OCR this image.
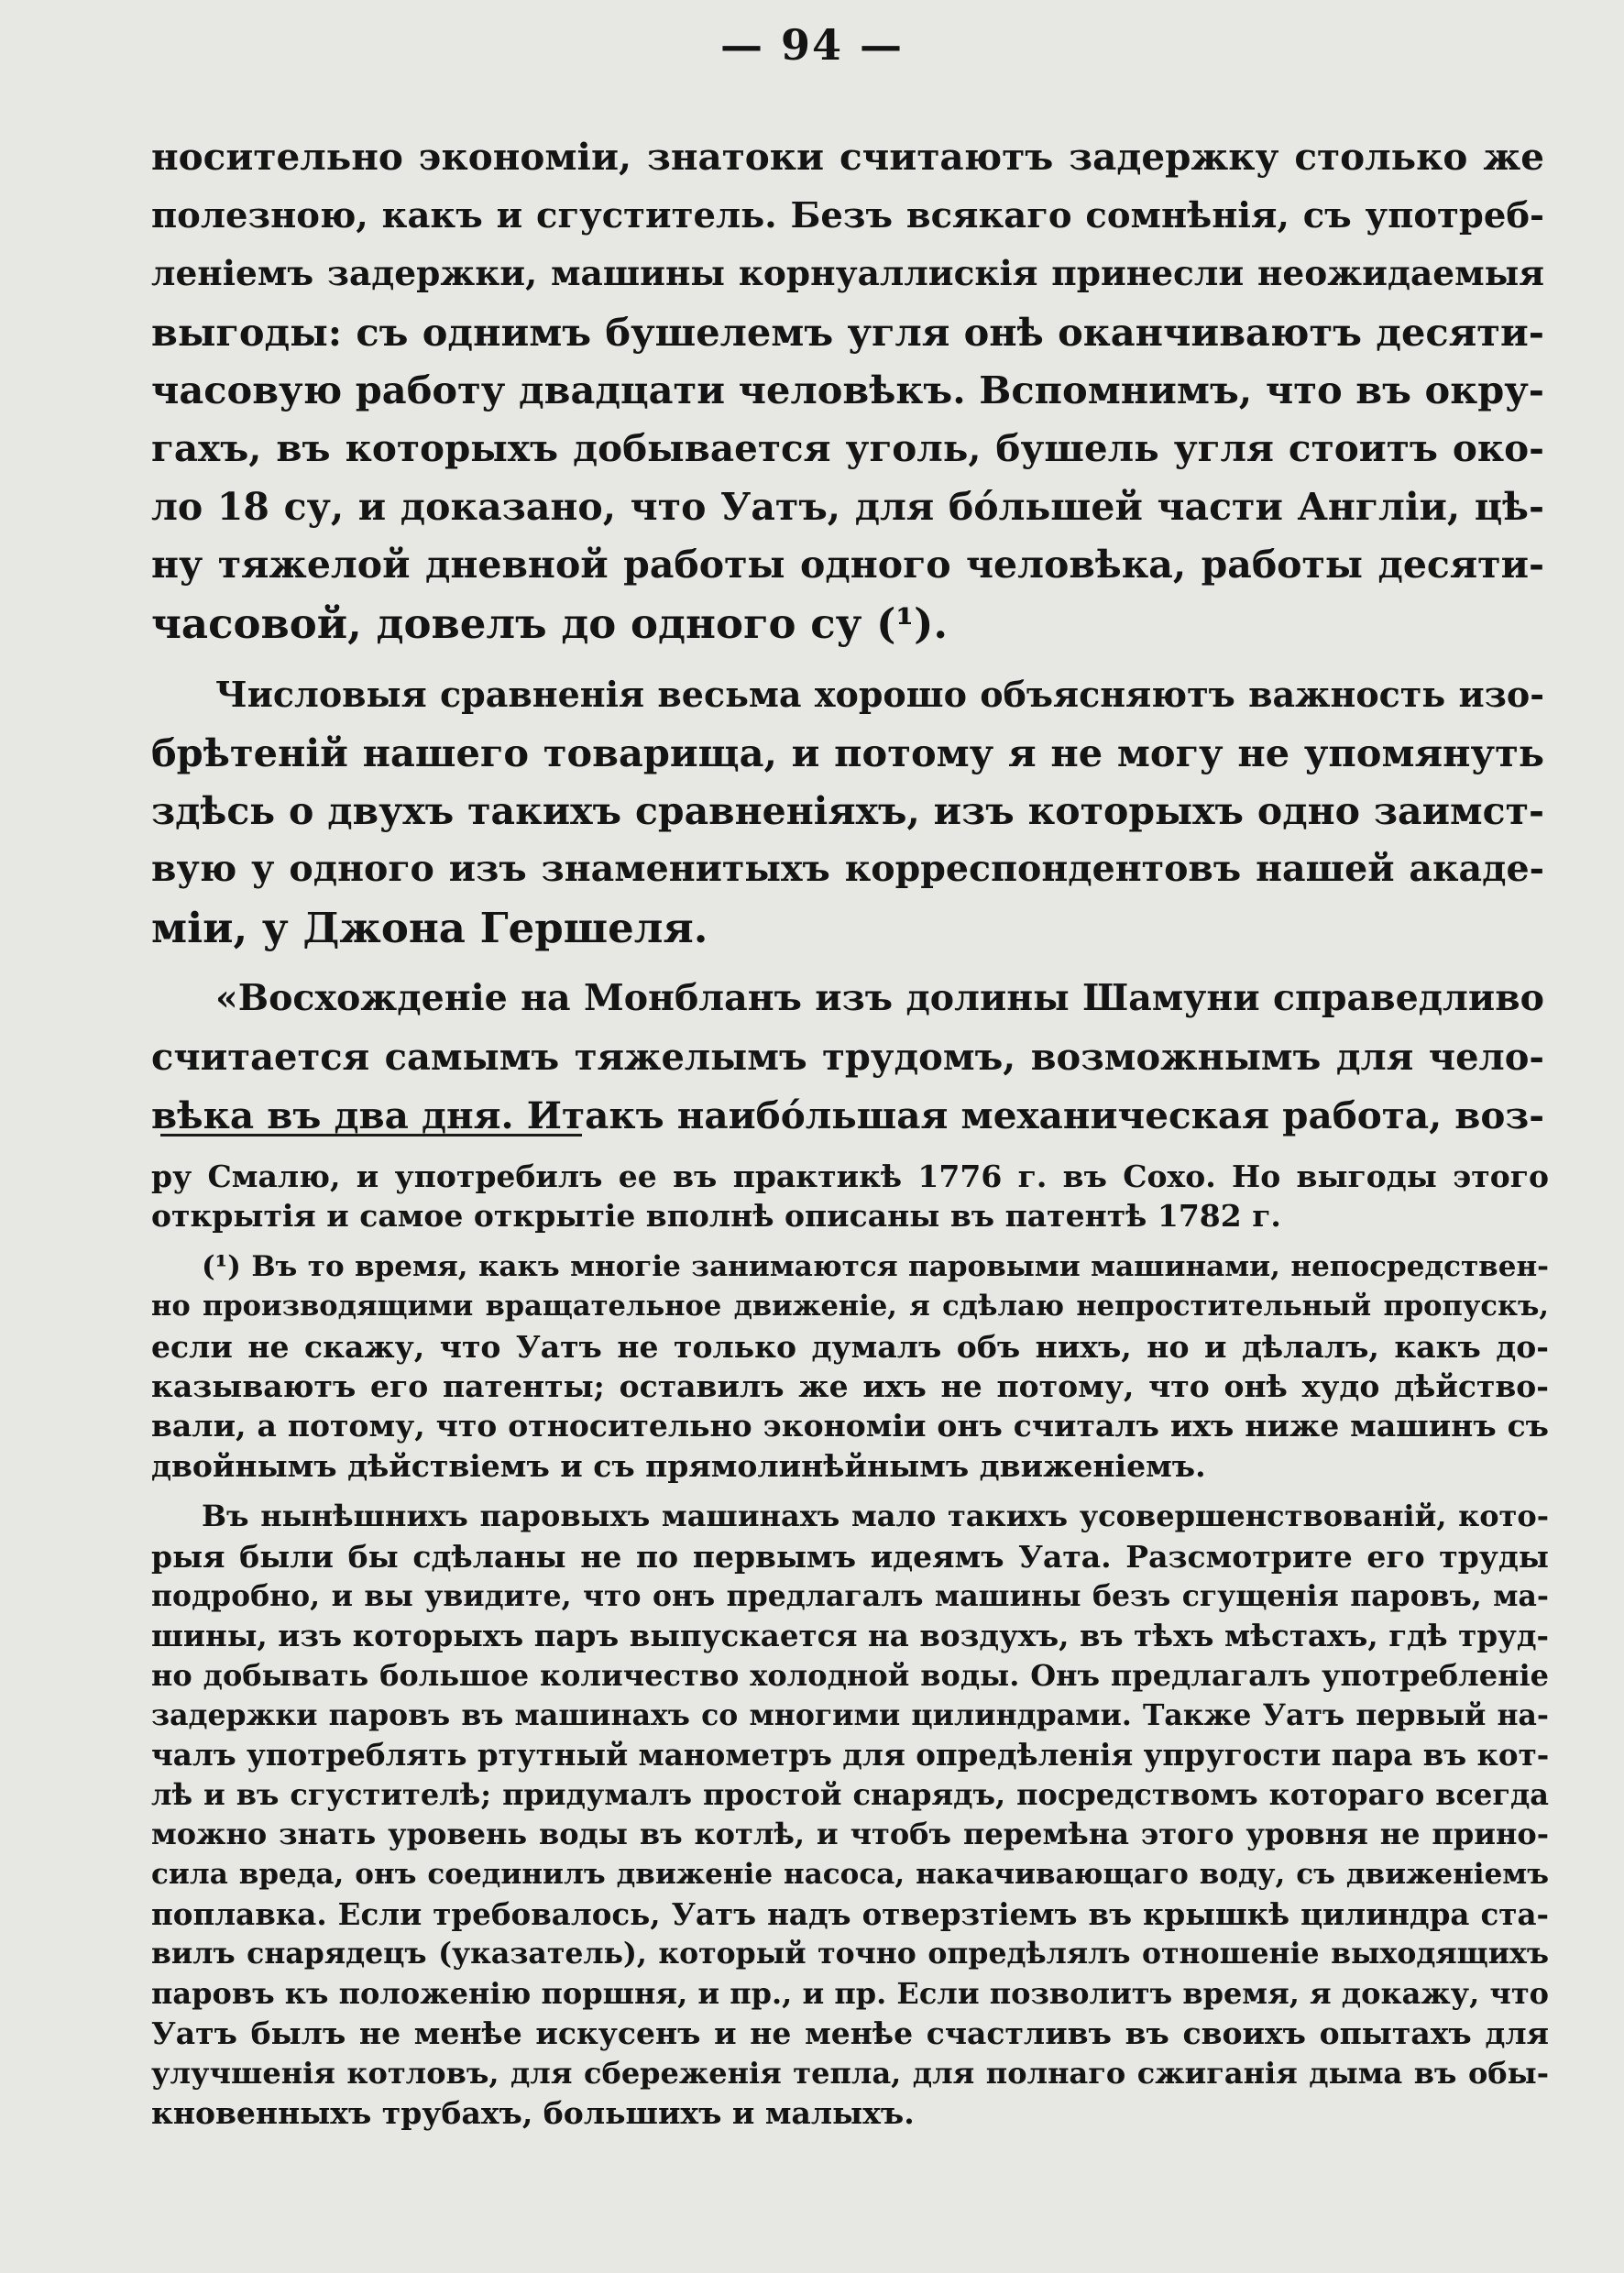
— 94 —
носительно экономіи, знатоки считаютъ задержку столько же
полезною, какъ и сгуститель. Безъ всякаго сомнѣнія, съ употреб-
леніемъ задержки, машины корнуаллискія принесли неожидаемыя
выгоды: съ однимъ бушелемъ угля онѣ оканчиваютъ десяти-
часовую работу двадцати человѣкъ. Вспомнимъ, что въ окру-
гахъ, въ которыхъ добывается уголь, бушель угля стоитъ око-
ло 18 су, и доказано, что Уатъ, для бо́льшей части Англіи, цѣ-
ну тяжелой дневной работы одного человѣка, работы десяти-
часовой, довелъ до одного су (¹).
Числовыя сравненія весьма хорошо объясняютъ важность изо-
брѣтеній нашего товарища, и потому я не могу не упомянуть
здѣсь о двухъ такихъ сравненіяхъ, изъ которыхъ одно заимст-
вую у одного изъ знаменитыхъ корреспондентовъ нашей акаде-
міи, у Джона Гершеля.
«Восхожденіе на Монбланъ изъ долины Шамуни справедливо
считается самымъ тяжелымъ трудомъ, возможнымъ для чело-
вѣка въ два дня. Итакъ наибо́льшая механическая работа, воз-
ру Смалю, и употребилъ ее въ практикѣ 1776 г. въ Сохо. Но выгоды этого
открытія и самое открытіе вполнѣ описаны въ патентѣ 1782 г.
(¹) Въ то время, какъ многіе занимаются паровыми машинами, непосредствен-
но производящими вращательное движеніе, я сдѣлаю непростительный пропускъ,
если не скажу, что Уатъ не только думалъ объ нихъ, но и дѣлалъ, какъ до-
казываютъ его патенты; оставилъ же ихъ не потому, что онѣ худо дѣйство-
вали, а потому, что относительно экономіи онъ считалъ ихъ ниже машинъ съ
двойнымъ дѣйствіемъ и съ прямолинѣйнымъ движеніемъ.
Въ нынѣшнихъ паровыхъ машинахъ мало такихъ усовершенствованій, кото-
рыя были бы сдѣланы не по первымъ идеямъ Уата. Разсмотрите его труды
подробно, и вы увидите, что онъ предлагалъ машины безъ сгущенія паровъ, ма-
шины, изъ которыхъ паръ выпускается на воздухъ, въ тѣхъ мѣстахъ, гдѣ труд-
но добывать большое количество холодной воды. Онъ предлагалъ употребленіе
задержки паровъ въ машинахъ со многими цилиндрами. Также Уатъ первый на-
чалъ употреблять ртутный манометръ для опредѣленія упругости пара въ кот-
лѣ и въ сгустителѣ; придумалъ простой снарядъ, посредствомъ котораго всегда
можно знать уровень воды въ котлѣ, и чтобъ перемѣна этого уровня не прино-
сила вреда, онъ соединилъ движеніе насоса, накачивающаго воду, съ движеніемъ
поплавка. Если требовалось, Уатъ надъ отверзтіемъ въ крышкѣ цилиндра ста-
вилъ снарядецъ (указатель), который точно опредѣлялъ отношеніе выходящихъ
паровъ къ положенію поршня, и пр., и пр. Если позволитъ время, я докажу, что
Уатъ былъ не менѣе искусенъ и не менѣе счастливъ въ своихъ опытахъ для
улучшенія котловъ, для сбереженія тепла, для полнаго сжиганія дыма въ обы-
кновенныхъ трубахъ, большихъ и малыхъ.
